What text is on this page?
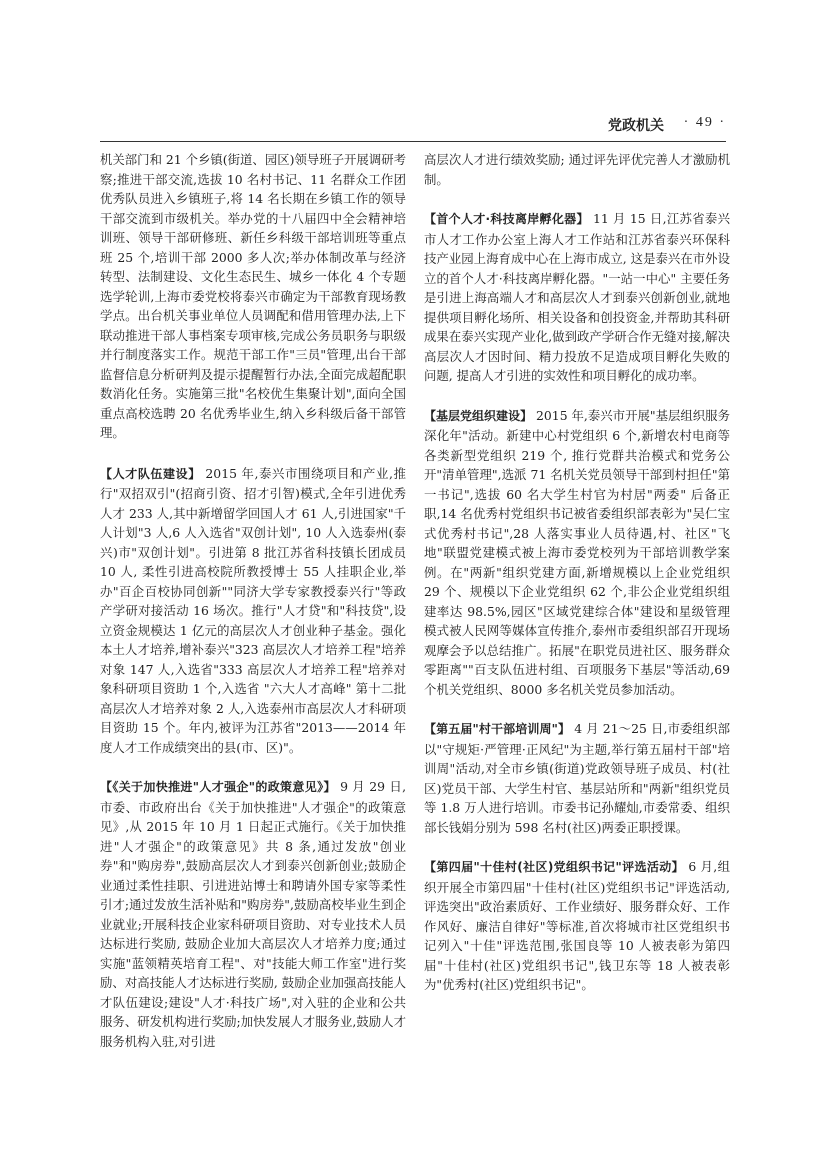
党政机关 · 49 ·

机关部门和 21 个乡镇(街道、园区)领导班子开展调研考察;推进干部交流,选拔 10 名村书记、11 名群众工作团优秀队员进入乡镇班子,将 14 名长期在乡镇工作的领导干部交流到市级机关。举办党的十八届四中全会精神培训班、领导干部研修班、新任乡科级干部培训班等重点班 25 个,培训干部 2000 多人次;举办体制改革与经济转型、法制建设、文化生态民生、城乡一体化 4 个专题选学轮训,上海市委党校将泰兴市确定为干部教育现场教学点。出台机关事业单位人员调配和借用管理办法,上下联动推进干部人事档案专项审核,完成公务员职务与职级并行制度落实工作。规范干部工作"三员"管理,出台干部监督信息分析研判及提示提醒暂行办法,全面完成超配职数消化任务。实施第三批"名校优生集聚计划",面向全国重点高校选聘 20 名优秀毕业生,纳入乡科级后备干部管理。

【人才队伍建设】 2015 年,泰兴市围绕项目和产业,推行"双招双引"(招商引资、招才引智)模式,全年引进优秀人才 233 人,其中新增留学回国人才 61 人,引进国家"千人计划"3 人,6 人入选省"双创计划", 10 人入选泰州(泰兴)市"双创计划"。引进第 8 批江苏省科技镇长团成员 10 人, 柔性引进高校院所教授博士 55 人挂职企业,举办"百企百校协同创新""同济大学专家教授泰兴行"等政产学研对接活动 16 场次。推行"人才贷"和"科技贷",设立资金规模达 1 亿元的高层次人才创业种子基金。强化本土人才培养,增补泰兴"323 高层次人才培养工程"培养对象 147 人,入选省"333 高层次人才培养工程"培养对象科研项目资助 1 个,入选省 "六大人才高峰" 第十二批高层次人才培养对象 2 人,入选泰州市高层次人才科研项目资助 15 个。年内,被评为江苏省"2013——2014 年度人才工作成绩突出的县(市、区)"。

【《关于加快推进"人才强企"的政策意见》】 9 月 29 日,市委、市政府出台《关于加快推进"人才强企"的政策意见》,从 2015 年 10 月 1 日起正式施行。《关于加快推进"人才强企"的政策意见》共 8 条,通过发放"创业券"和"购房券",鼓励高层次人才到泰兴创新创业;鼓励企业通过柔性挂职、引进进站博士和聘请外国专家等柔性引才;通过发放生活补贴和"购房券",鼓励高校毕业生到企业就业;开展科技企业家科研项目资助、对专业技术人员达标进行奖励, 鼓励企业加大高层次人才培养力度;通过实施"蓝领精英培育工程"、对"技能大师工作室"进行奖励、对高技能人才达标进行奖励, 鼓励企业加强高技能人才队伍建设;建设"人才·科技广场",对入驻的企业和公共服务、研发机构进行奖励;加快发展人才服务业,鼓励人才服务机构入驻,对引进

高层次人才进行绩效奖励; 通过评先评优完善人才激励机制。

【首个人才·科技离岸孵化器】 11 月 15 日,江苏省泰兴市人才工作办公室上海人才工作站和江苏省泰兴环保科技产业园上海育成中心在上海市成立, 这是泰兴在市外设立的首个人才·科技离岸孵化器。"一站一中心" 主要任务是引进上海高端人才和高层次人才到泰兴创新创业,就地提供项目孵化场所、相关设备和创投资金,并帮助其科研成果在泰兴实现产业化,做到政产学研合作无缝对接,解决高层次人才因时间、精力投放不足造成项目孵化失败的问题, 提高人才引进的实效性和项目孵化的成功率。

【基层党组织建设】 2015 年,泰兴市开展"基层组织服务深化年"活动。新建中心村党组织 6 个,新增农村电商等各类新型党组织 219 个, 推行党群共治模式和党务公开"清单管理",选派 71 名机关党员领导干部到村担任"第一书记",选拔 60 名大学生村官为村居"两委" 后备正职,14 名优秀村党组织书记被省委组织部表彰为"吴仁宝式优秀村书记",28 人落实事业人员待遇,村、社区"飞地"联盟党建模式被上海市委党校列为干部培训教学案例。在"两新"组织党建方面,新增规模以上企业党组织 29 个、规模以下企业党组织 62 个,非公企业党组织组建率达 98.5%,园区"区域党建综合体"建设和星级管理模式被人民网等媒体宣传推介,泰州市委组织部召开现场观摩会予以总结推广。拓展"在职党员进社区、服务群众零距离""百支队伍进村组、百项服务下基层"等活动,69 个机关党组织、8000 多名机关党员参加活动。

【第五届"村干部培训周"】 4 月 21～25 日,市委组织部以"守规矩·严管理·正风纪"为主题,举行第五届村干部"培训周"活动,对全市乡镇(街道)党政领导班子成员、村(社区)党员干部、大学生村官、基层站所和"两新"组织党员等 1.8 万人进行培训。市委书记孙耀灿,市委常委、组织部长钱娟分别为 598 名村(社区)两委正职授课。

【第四届"十佳村(社区)党组织书记"评选活动】 6 月,组织开展全市第四届"十佳村(社区)党组织书记"评选活动,评选突出"政治素质好、工作业绩好、服务群众好、工作作风好、廉洁自律好"等标准,首次将城市社区党组织书记列入"十佳"评选范围,张国良等 10 人被表彰为第四届"十佳村(社区)党组织书记",钱卫东等 18 人被表彰为"优秀村(社区)党组织书记"。
